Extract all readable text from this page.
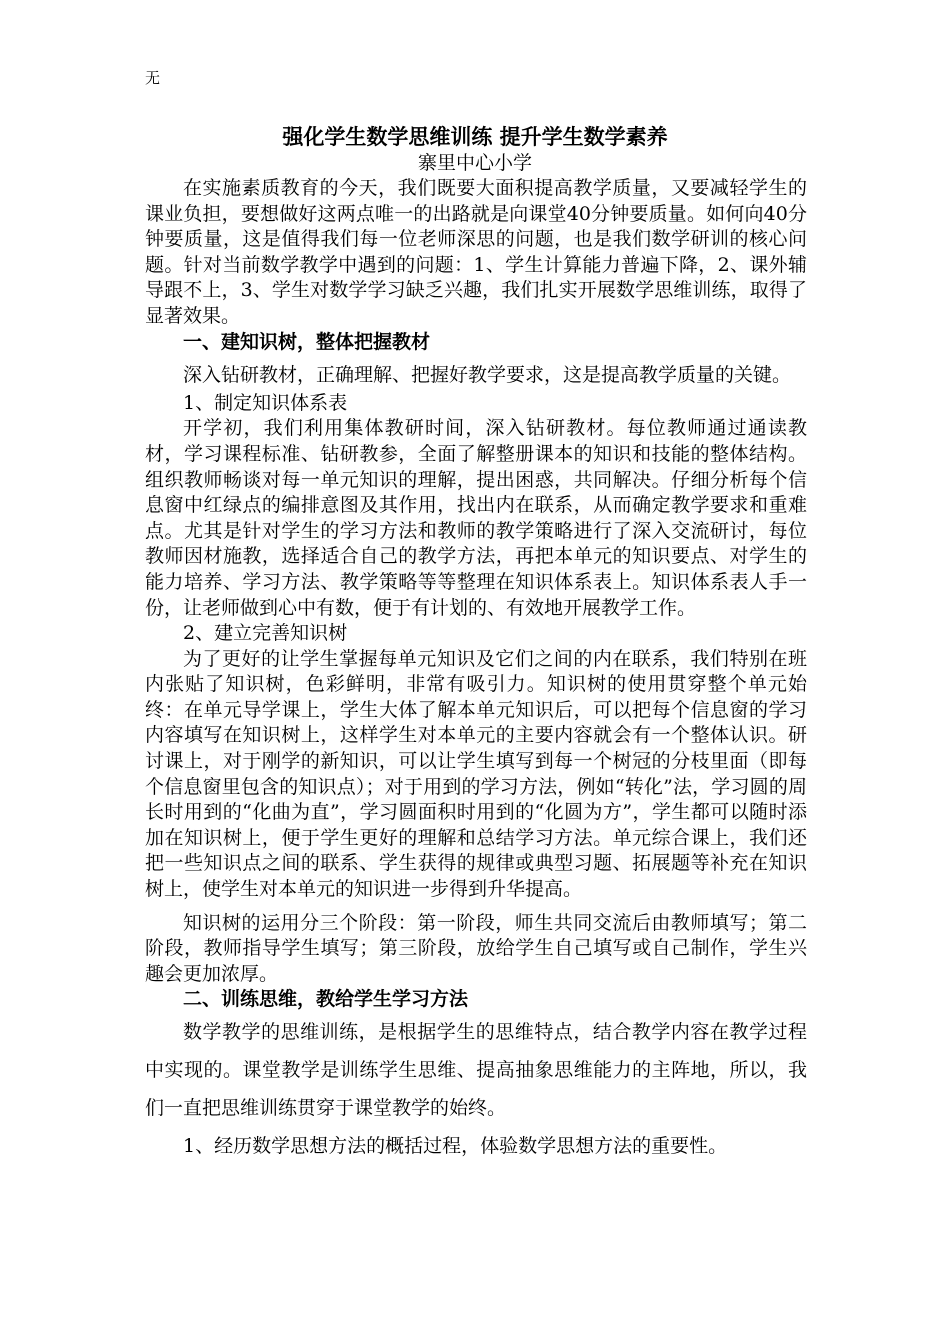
无
强化学生数学思维训练 提升学生数学素养
寨里中心小学

在实施素质教育的今天，我们既要大面积提高教学质量，又要减轻学生的课业负担，要想做好这两点唯一的出路就是向课堂40分钟要质量。如何向40分钟要质量，这是值得我们每一位老师深思的问题，也是我们数学研训的核心问题。针对当前数学教学中遇到的问题：1、学生计算能力普遍下降，2、课外辅导跟不上，3、学生对数学学习缺乏兴趣，我们扎实开展数学思维训练，取得了显著效果。

一、建知识树，整体把握教材

深入钻研教材，正确理解、把握好教学要求，这是提高教学质量的关键。

1、制定知识体系表

开学初，我们利用集体教研时间，深入钻研教材。每位教师通过通读教材，学习课程标准、钻研教参，全面了解整册课本的知识和技能的整体结构。组织教师畅谈对每一单元知识的理解，提出困惑，共同解决。仔细分析每个信息窗中红绿点的编排意图及其作用，找出内在联系，从而确定教学要求和重难点。尤其是针对学生的学习方法和教师的教学策略进行了深入交流研讨，每位教师因材施教，选择适合自己的教学方法，再把本单元的知识要点、对学生的能力培养、学习方法、教学策略等等整理在知识体系表上。知识体系表人手一份，让老师做到心中有数，便于有计划的、有效地开展教学工作。

2、建立完善知识树

为了更好的让学生掌握每单元知识及它们之间的内在联系，我们特别在班内张贴了知识树，色彩鲜明，非常有吸引力。知识树的使用贯穿整个单元始终：在单元导学课上，学生大体了解本单元知识后，可以把每个信息窗的学习内容填写在知识树上，这样学生对本单元的主要内容就会有一个整体认识。研讨课上，对于刚学的新知识，可以让学生填写到每一个树冠的分枝里面（即每个信息窗里包含的知识点）；对于用到的学习方法，例如“转化”法，学习圆的周长时用到的“化曲为直”，学习圆面积时用到的“化圆为方”，学生都可以随时添加在知识树上，便于学生更好的理解和总结学习方法。单元综合课上，我们还把一些知识点之间的联系、学生获得的规律或典型习题、拓展题等补充在知识树上，使学生对本单元的知识进一步得到升华提高。

知识树的运用分三个阶段：第一阶段，师生共同交流后由教师填写；第二阶段，教师指导学生填写；第三阶段，放给学生自己填写或自己制作，学生兴趣会更加浓厚。

二、训练思维，教给学生学习方法

数学教学的思维训练，是根据学生的思维特点，结合教学内容在教学过程中实现的。课堂教学是训练学生思维、提高抽象思维能力的主阵地，所以，我们一直把思维训练贯穿于课堂教学的始终。

1、经历数学思想方法的概括过程，体验数学思想方法的重要性。
